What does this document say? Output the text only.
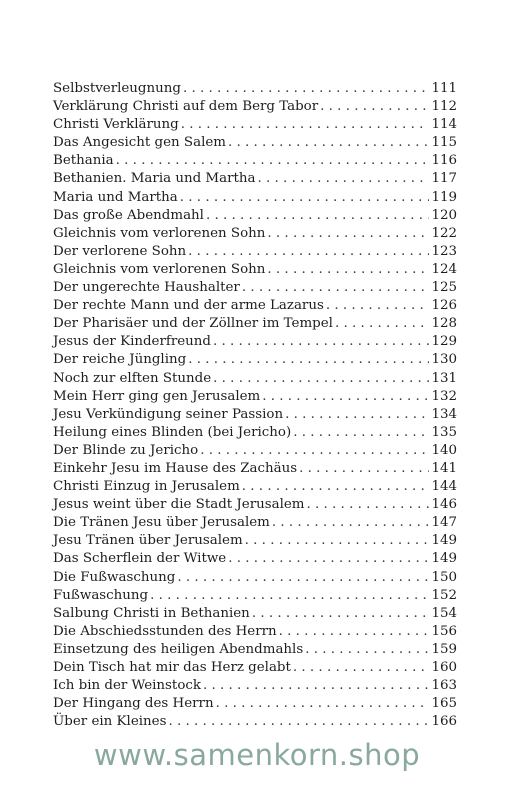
Selbstverleugnung . . .	111
Verklärung Christi auf dem Berg Tabor . . .	112
Christi Verklärung . . .	114
Das Angesicht gen Salem . . .	115
Bethania . . .	116
Bethanien. Maria und Martha . . .	117
Maria und Martha . . .	119
Das große Abendmahl . . .	120
Gleichnis vom verlorenen Sohn . . .	122
Der verlorene Sohn . . .	123
Gleichnis vom verlorenen Sohn . . .	124
Der ungerechte Haushalter . . .	125
Der rechte Mann und der arme Lazarus . . .	126
Der Pharisäer und der Zöllner im Tempel . . .	128
Jesus der Kinderfreund . . .	129
Der reiche Jüngling . . .	130
Noch zur elften Stunde . . .	131
Mein Herr ging gen Jerusalem . . .	132
Jesu Verkündigung seiner Passion . . .	134
Heilung eines Blinden (bei Jericho) . . .	135
Der Blinde zu Jericho . . .	140
Einkehr Jesu im Hause des Zachäus . . .	141
Christi Einzug in Jerusalem . . .	144
Jesus weint über die Stadt Jerusalem . . .	146
Die Tränen Jesu über Jerusalem . . .	147
Jesu Tränen über Jerusalem . . .	149
Das Scherflein der Witwe . . .	149
Die Fußwaschung . . .	150
Fußwaschung . . .	152
Salbung Christi in Bethanien . . .	154
Die Abschiedsstunden des Herrn . . .	156
Einsetzung des heiligen Abendmahls . . .	159
Dein Tisch hat mir das Herz gelabt . . .	160
Ich bin der Weinstock . . .	163
Der Hingang des Herrn . . .	165
Über ein Kleines . . .	166
www.samenkorn.shop
